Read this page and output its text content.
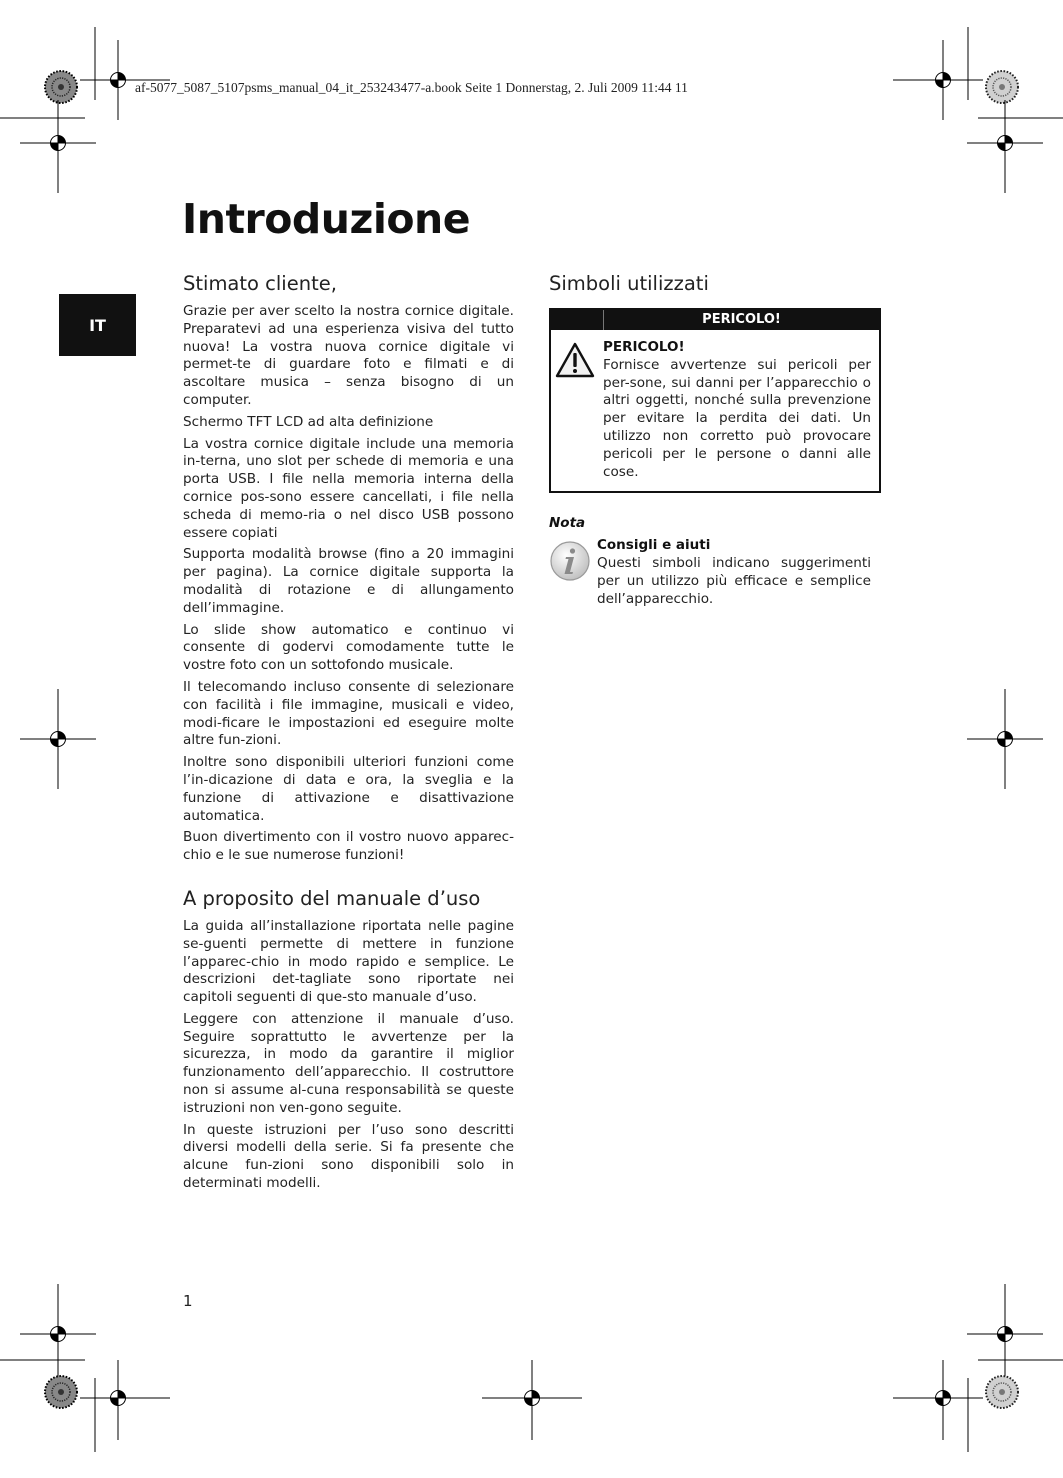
af-5077_5087_5107psms_manual_04_it_253243477-a.book Seite 1 Donnerstag, 2. Juli 2009 11:44 11
IT
Introduzione
Stimato cliente,

Grazie per aver scelto la nostra cornice digitale. Preparatevi ad una esperienza visiva del tutto nuova! La vostra nuova cornice digitale vi permet-te di guardare foto e filmati e di ascoltare musica – senza bisogno di un computer.

Schermo TFT LCD ad alta definizione

La vostra cornice digitale include una memoria in-terna, uno slot per schede di memoria e una porta USB. I file nella memoria interna della cornice pos-sono essere cancellati, i file nella scheda di memo-ria o nel disco USB possono essere copiati

Supporta modalità browse (fino a 20 immagini per pagina). La cornice digitale supporta la modalità di rotazione e di allungamento dell’immagine.

Lo slide show automatico e continuo vi consente di godervi comodamente tutte le vostre foto con un sottofondo musicale.

Il telecomando incluso consente di selezionare con facilità i file immagine, musicali e video, modi-ficare le impostazioni ed eseguire molte altre fun-zioni.

Inoltre sono disponibili ulteriori funzioni come l’in-dicazione di data e ora, la sveglia e la funzione di attivazione e disattivazione automatica.

Buon divertimento con il vostro nuovo apparec-chio e le sue numerose funzioni!

A proposito del manuale d’uso

La guida all’installazione riportata nelle pagine se-guenti permette di mettere in funzione l’apparec-chio in modo rapido e semplice. Le descrizioni det-tagliate sono riportate nei capitoli seguenti di que-sto manuale d’uso.

Leggere con attenzione il manuale d’uso. Seguire soprattutto le avvertenze per la sicurezza, in modo da garantire il miglior funzionamento dell’apparecchio. Il costruttore non si assume al-cuna responsabilità se queste istruzioni non ven-gono seguite.

In queste istruzioni per l’uso sono descritti diversi modelli della serie. Si fa presente che alcune fun-zioni sono disponibili solo in determinati modelli.

Simboli utilizzati
PERICOLO!
PERICOLO!

Fornisce avvertenze sui pericoli per per-sone, sui danni per l’apparecchio o altri oggetti, nonché sulla prevenzione per evitare la perdita dei dati. Un utilizzo non corretto può provocare pericoli per le persone o danni alle cose.

Nota
Consigli e aiuti

Questi simboli indicano suggerimenti per un utilizzo più efficace e semplice dell’apparecchio.

1
